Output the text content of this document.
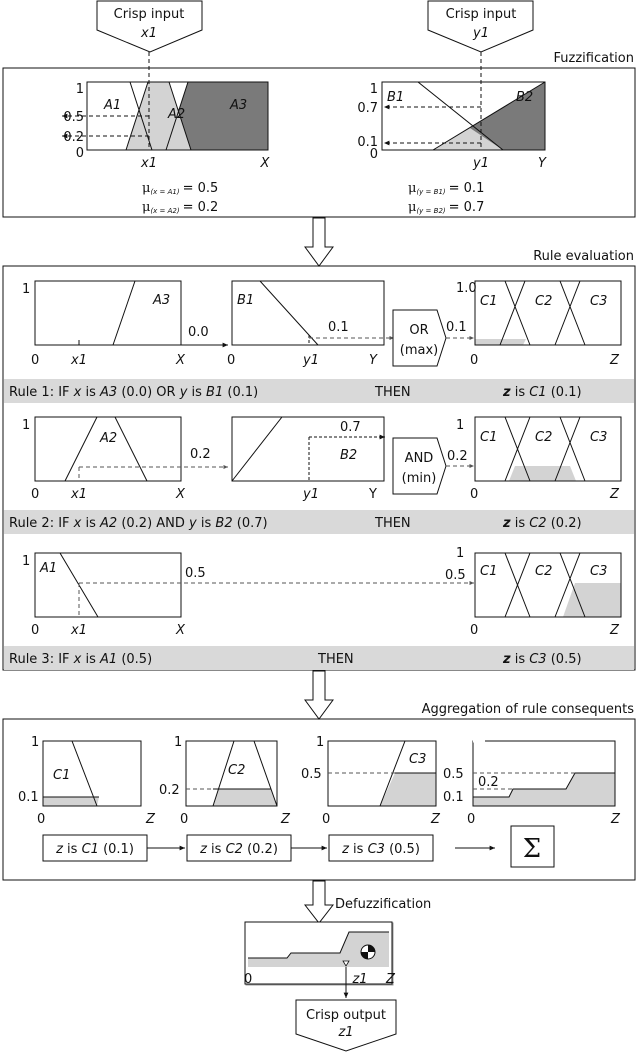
Crisp input
x1
Crisp input
y1
Fuzzification
1
0.5
0.2
0
A1
A2
A3
x1	X
μ(x = A1) = 0.5
μ(x = A2) = 0.2
1
0.7
0.1
0
B1	B2
y1	Y
μ(y = B1) = 0.1
μ(y = B2) = 0.7
Rule evaluation
1
0 x1	X
A3
0.0
B1
0	y1	Y
0.1	OR
(max)
0.1
1.0
0	Z
C1	C2	C3
Rule 1: IF x is A3 (0.0) OR y is B1 (0.1)	THEN	z is C1 (0.1)
1
0 x1	X
A2
0.2
0.7
B2
y1	Y
AND
(min)
0.2
1
0	Z
C1	C2	C3
Rule 2: IF x is A2 (0.2) AND y is B2 (0.7)	THEN	z is C2 (0.2)
1
0 x1	X
A1	0.5	0.5
1
0	Z
C1	C2	C3
Rule 3: IF x is A1 (0.5)	THEN	z is C3 (0.5)
Aggregation of rule consequents
1
0.1
C1
0	Z
1
0.2
C2
0	Z
1
0.5
C3
0	Z
0.5
0.2
0.1
0	Z
z is C1 (0.1)	z is C2 (0.2)	z is C3 (0.5)	Σ
Defuzzification
0	z1 Z
Crisp output
z1
